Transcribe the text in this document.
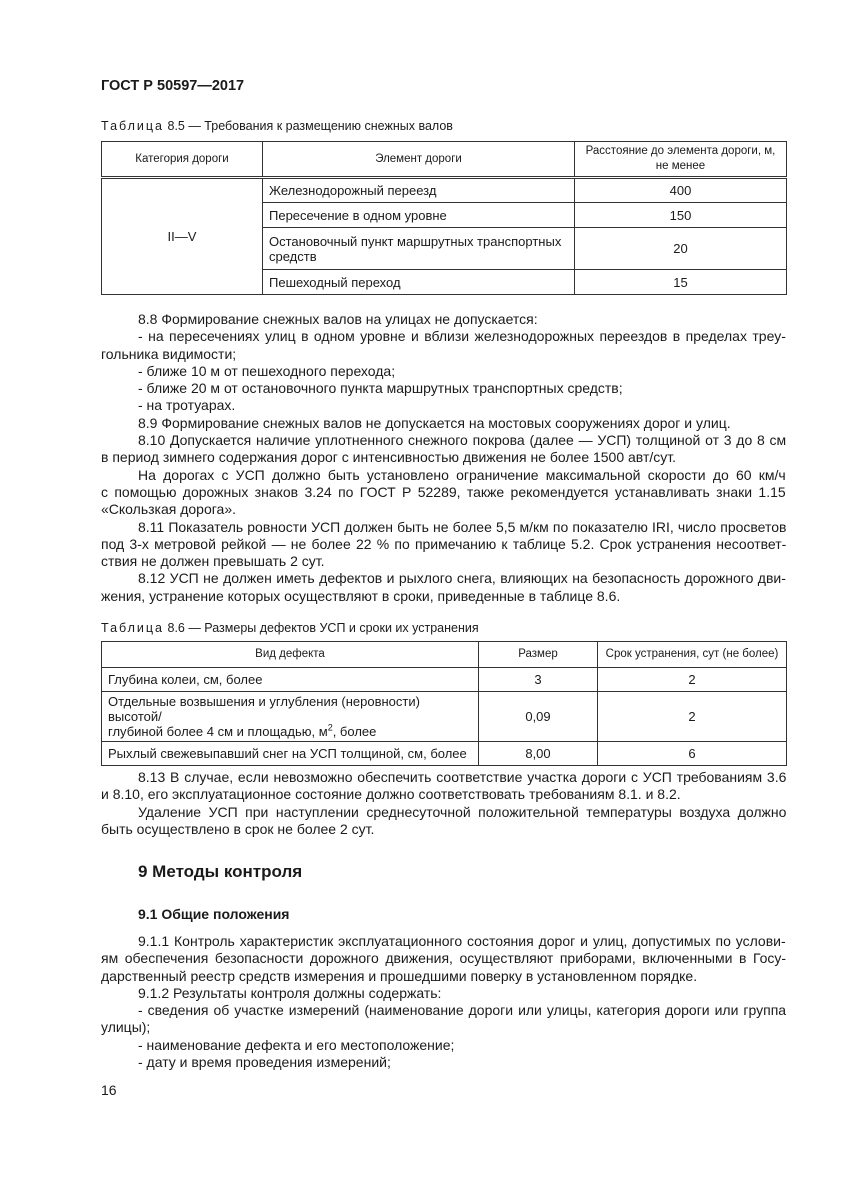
ГОСТ Р 50597—2017
Таблица 8.5 — Требования к размещению снежных валов
Категория дороги	Элемент дороги	Расстояние до элемента дороги, м, не менее
II—V	Железнодорожный переезд	400
	Пересечение в одном уровне	150
	Остановочный пункт маршрутных транспортных средств	20
	Пешеходный переход	15
8.8 Формирование снежных валов на улицах не допускается:
- на пересечениях улиц в одном уровне и вблизи железнодорожных переездов в пределах треу-
гольника видимости;
- ближе 10 м от пешеходного перехода;
- ближе 20 м от остановочного пункта маршрутных транспортных средств;
- на тротуарах.
8.9 Формирование снежных валов не допускается на мостовых сооружениях дорог и улиц.
8.10 Допускается наличие уплотненного снежного покрова (далее — УСП) толщиной от 3 до 8 см
в период зимнего содержания дорог с интенсивностью движения не более 1500 авт/сут.
На дорогах с УСП должно быть установлено ограничение максимальной скорости до 60 км/ч
с помощью дорожных знаков 3.24 по ГОСТ Р 52289, также рекомендуется устанавливать знаки 1.15
«Скользкая дорога».
8.11 Показатель ровности УСП должен быть не более 5,5 м/км по показателю IRI, число просветов
под 3-х метровой рейкой — не более 22 % по примечанию к таблице 5.2. Срок устранения несоответ-
ствия не должен превышать 2 сут.
8.12 УСП не должен иметь дефектов и рыхлого снега, влияющих на безопасность дорожного дви-
жения, устранение которых осуществляют в сроки, приведенные в таблице 8.6.
Таблица 8.6 — Размеры дефектов УСП и сроки их устранения
Вид дефекта	Размер	Срок устранения, сут (не более)
Глубина колеи, см, более	3	2
Отдельные возвышения и углубления (неровности) высотой/
глубиной более 4 см и площадью, $м^2$, более	0,09	2
Рыхлый свежевыпавший снег на УСП толщиной, см, более	8,00	6
8.13 В случае, если невозможно обеспечить соответствие участка дороги с УСП требованиям 3.6
и 8.10, его эксплуатационное состояние должно соответствовать требованиям 8.1. и 8.2.
Удаление УСП при наступлении среднесуточной положительной температуры воздуха должно
быть осуществлено в срок не более 2 сут.
9 Методы контроля
9.1 Общие положения
9.1.1 Контроль характеристик эксплуатационного состояния дорог и улиц, допустимых по услови-
ям обеспечения безопасности дорожного движения, осуществляют приборами, включенными в Госу-
дарственный реестр средств измерения и прошедшими поверку в установленном порядке.
9.1.2 Результаты контроля должны содержать:
- сведения об участке измерений (наименование дороги или улицы, категория дороги или группа
улицы);
- наименование дефекта и его местоположение;
- дату и время проведения измерений;
16
